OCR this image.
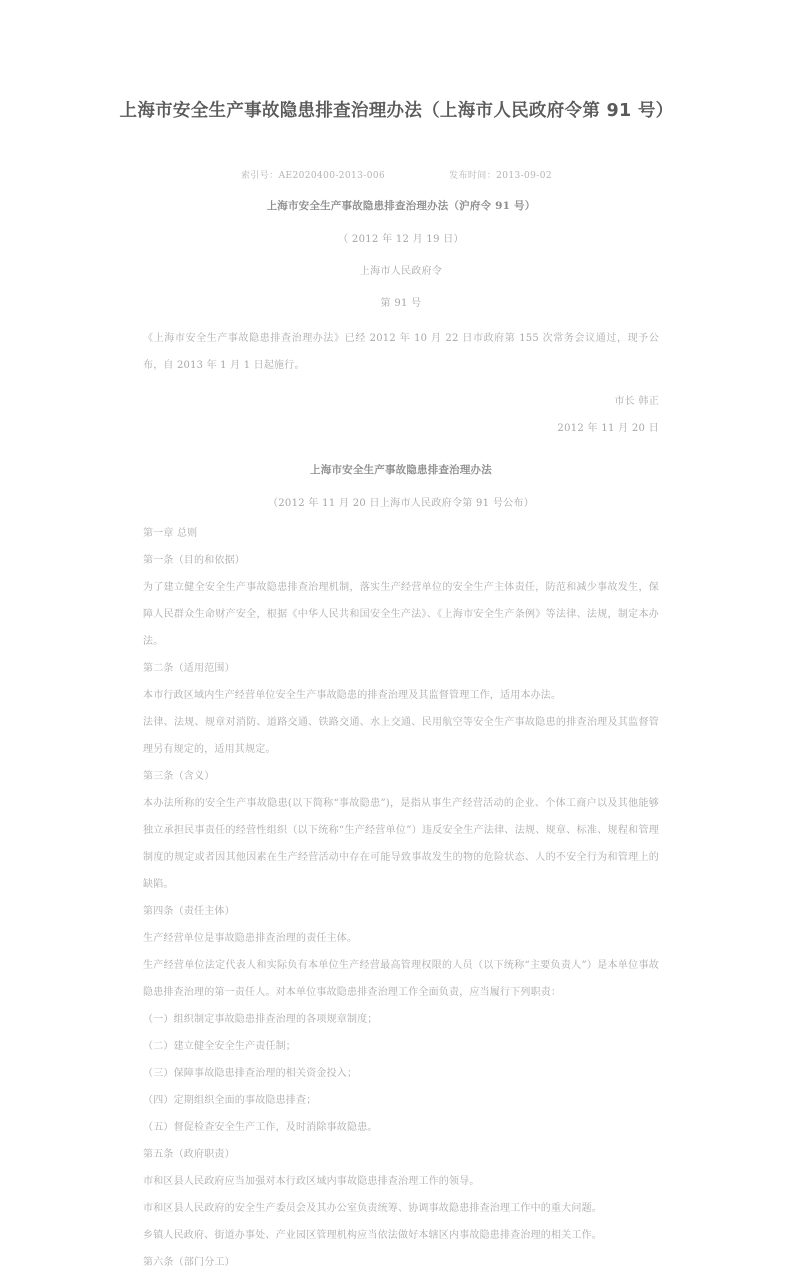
上海市安全生产事故隐患排查治理办法（上海市人民政府令第 91 号）
索引号：AE2020400-2013-006	发布时间：2013-09-02
上海市安全生产事故隐患排查治理办法（沪府令 91 号）
（ 2012 年 12 月 19 日）
上海市人民政府令
第 91 号

《上海市安全生产事故隐患排查治理办法》已经 2012 年 10 月 22 日市政府第 155 次常务会议通过，现予公布，自 2013 年 1 月 1 日起施行。

市长 韩正
2012 年 11 月 20 日
上海市安全生产事故隐患排查治理办法
（2012 年 11 月 20 日上海市人民政府令第 91 号公布）

第一章 总则

第一条（目的和依据）

为了建立健全安全生产事故隐患排查治理机制，落实生产经营单位的安全生产主体责任，防范和减少事故发生，保障人民群众生命财产安全，根据《中华人民共和国安全生产法》、《上海市安全生产条例》等法律、法规，制定本办法。

第二条（适用范围）

本市行政区域内生产经营单位安全生产事故隐患的排查治理及其监督管理工作，适用本办法。

法律、法规、规章对消防、道路交通、铁路交通、水上交通、民用航空等安全生产事故隐患的排查治理及其监督管理另有规定的，适用其规定。

第三条（含义）

本办法所称的安全生产事故隐患(以下简称“事故隐患”)，是指从事生产经营活动的企业、个体工商户以及其他能够独立承担民事责任的经营性组织（以下统称“生产经营单位”）违反安全生产法律、法规、规章、标准、规程和管理制度的规定或者因其他因素在生产经营活动中存在可能导致事故发生的物的危险状态、人的不安全行为和管理上的缺陷。

第四条（责任主体）

生产经营单位是事故隐患排查治理的责任主体。

生产经营单位法定代表人和实际负有本单位生产经营最高管理权限的人员（以下统称“主要负责人”）是本单位事故隐患排查治理的第一责任人。对本单位事故隐患排查治理工作全面负责，应当履行下列职责：

（一）组织制定事故隐患排查治理的各项规章制度；

（二）建立健全安全生产责任制；

（三）保障事故隐患排查治理的相关资金投入；

（四）定期组织全面的事故隐患排查；

（五）督促检查安全生产工作，及时消除事故隐患。

第五条（政府职责）

市和区县人民政府应当加强对本行政区域内事故隐患排查治理工作的领导。

市和区县人民政府的安全生产委员会及其办公室负责统筹、协调事故隐患排查治理工作中的重大问题。

乡镇人民政府、街道办事处、产业园区管理机构应当依法做好本辖区内事故隐患排查治理的相关工作。

第六条（部门分工）
